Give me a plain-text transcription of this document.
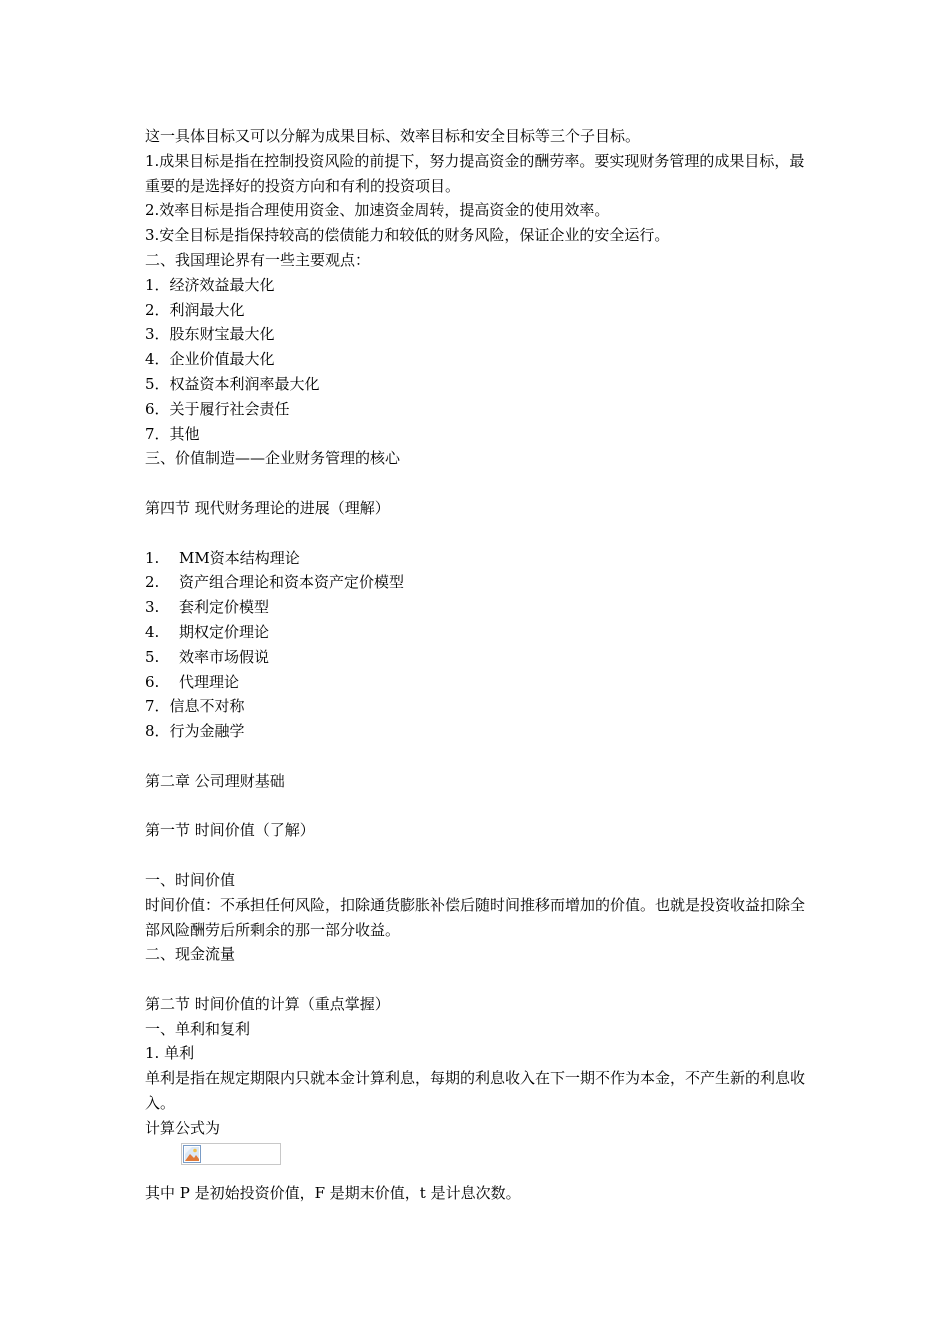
这一具体目标又可以分解为成果目标、效率目标和安全目标等三个子目标。

1.成果目标是指在控制投资风险的前提下，努力提高资金的酬劳率。要实现财务管理的成果目标，最重要的是选择好的投资方向和有利的投资项目。

2.效率目标是指合理使用资金、加速资金周转，提高资金的使用效率。

3.安全目标是指保持较高的偿债能力和较低的财务风险，保证企业的安全运行。

二、我国理论界有一些主要观点：

1．经济效益最大化

2．利润最大化

3．股东财宝最大化

4．企业价值最大化

5．权益资本利润率最大化

6．关于履行社会责任

7．其他

三、价值制造——企业财务管理的核心

第四节 现代财务理论的进展（理解）

1. MM资本结构理论

2. 资产组合理论和资本资产定价模型

3. 套利定价模型

4. 期权定价理论

5. 效率市场假说

6. 代理理论

7．信息不对称

8．行为金融学

第二章 公司理财基础

第一节 时间价值（了解）

一、时间价值

时间价值：不承担任何风险，扣除通货膨胀补偿后随时间推移而增加的价值。也就是投资收益扣除全部风险酬劳后所剩余的那一部分收益。

二、现金流量

第二节 时间价值的计算（重点掌握）

一、单利和复利

1. 单利

单利是指在规定期限内只就本金计算利息，每期的利息收入在下一期不作为本金，不产生新的利息收入。

计算公式为

其中 P 是初始投资价值，F 是期末价值，t 是计息次数。
